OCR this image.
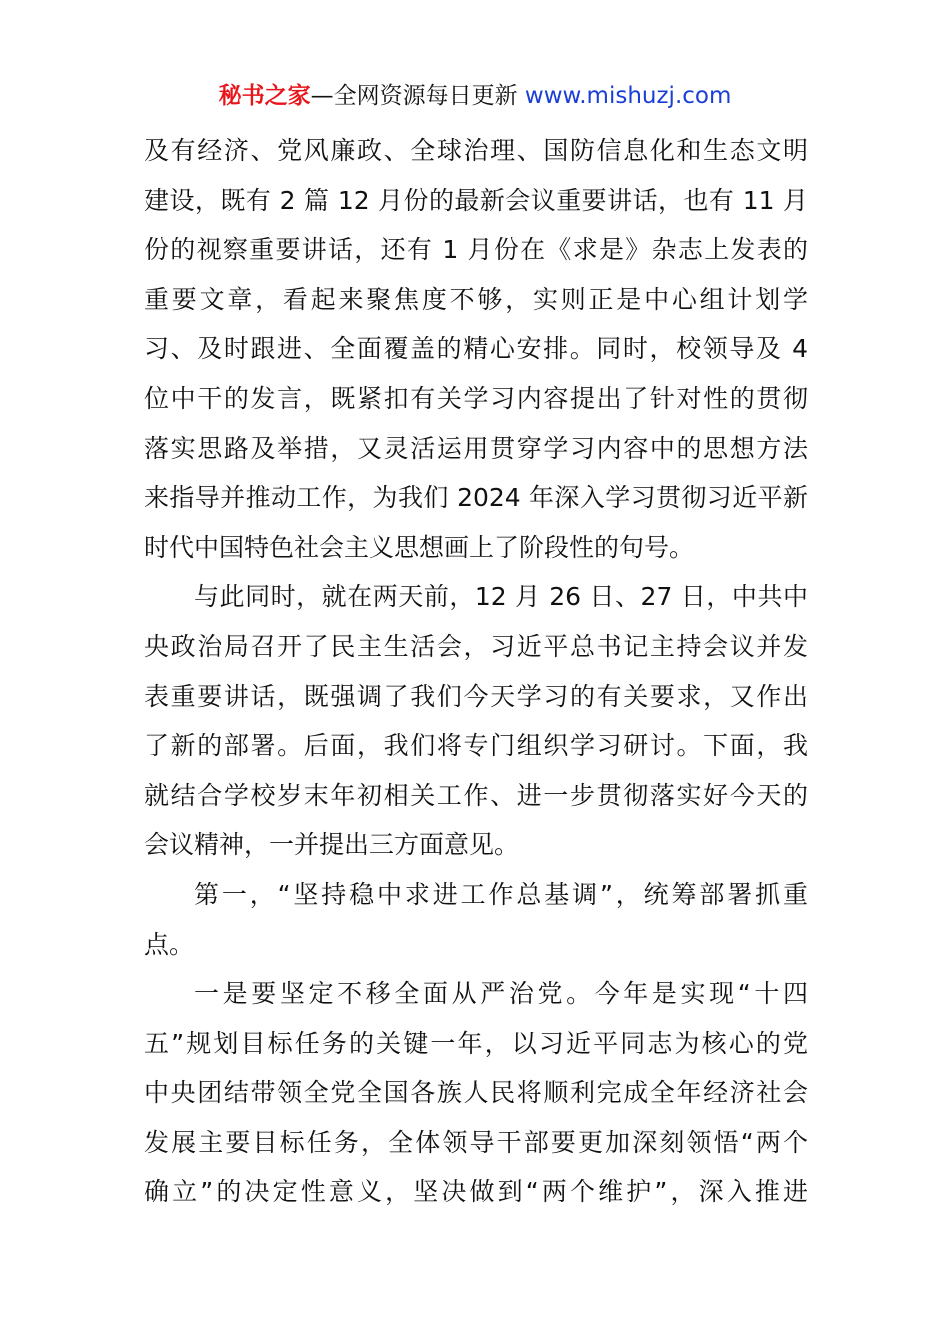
秘书之家—全网资源每日更新 www.mishuzj.com
及有经济、党风廉政、全球治理、国防信息化和生态文明
建设，既有 2 篇 12 月份的最新会议重要讲话，也有 11 月
份的视察重要讲话，还有 1 月份在《求是》杂志上发表的
重要文章，看起来聚焦度不够，实则正是中心组计划学
习、及时跟进、全面覆盖的精心安排。同时，校领导及 4
位中干的发言，既紧扣有关学习内容提出了针对性的贯彻
落实思路及举措，又灵活运用贯穿学习内容中的思想方法
来指导并推动工作，为我们 2024 年深入学习贯彻习近平新
时代中国特色社会主义思想画上了阶段性的句号。
与此同时，就在两天前，12 月 26 日、27 日，中共中
央政治局召开了民主生活会，习近平总书记主持会议并发
表重要讲话，既强调了我们今天学习的有关要求，又作出
了新的部署。后面，我们将专门组织学习研讨。下面，我
就结合学校岁末年初相关工作、进一步贯彻落实好今天的
会议精神，一并提出三方面意见。
第一，“坚持稳中求进工作总基调”，统筹部署抓重
点。
一是要坚定不移全面从严治党。今年是实现“十四
五”规划目标任务的关键一年，以习近平同志为核心的党
中央团结带领全党全国各族人民将顺利完成全年经济社会
发展主要目标任务，全体领导干部要更加深刻领悟“两个
确立”的决定性意义，坚决做到“两个维护”，深入推进
